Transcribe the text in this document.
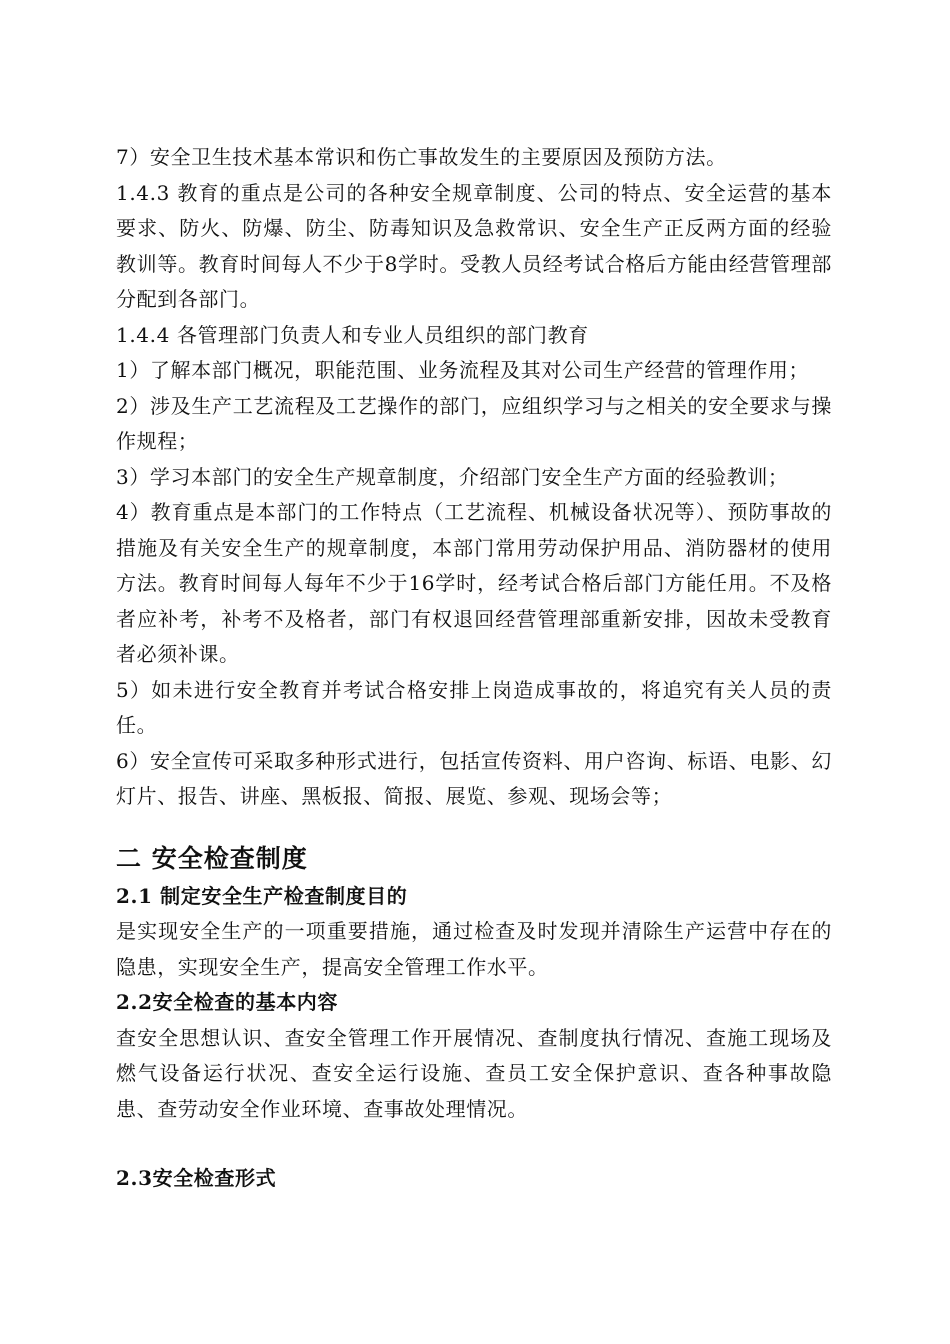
7）安全卫生技术基本常识和伤亡事故发生的主要原因及预防方法。

1.4.3 教育的重点是公司的各种安全规章制度、公司的特点、安全运营的基本要求、防火、防爆、防尘、防毒知识及急救常识、安全生产正反两方面的经验教训等。教育时间每人不少于8学时。受教人员经考试合格后方能由经营管理部分配到各部门。

1.4.4 各管理部门负责人和专业人员组织的部门教育

1）了解本部门概况，职能范围、业务流程及其对公司生产经营的管理作用；

2）涉及生产工艺流程及工艺操作的部门，应组织学习与之相关的安全要求与操作规程；

3）学习本部门的安全生产规章制度，介绍部门安全生产方面的经验教训；

4）教育重点是本部门的工作特点（工艺流程、机械设备状况等）、预防事故的措施及有关安全生产的规章制度，本部门常用劳动保护用品、消防器材的使用方法。教育时间每人每年不少于16学时，经考试合格后部门方能任用。不及格者应补考，补考不及格者，部门有权退回经营管理部重新安排，因故未受教育者必须补课。

5）如未进行安全教育并考试合格安排上岗造成事故的，将追究有关人员的责任。

6）安全宣传可采取多种形式进行，包括宣传资料、用户咨询、标语、电影、幻灯片、报告、讲座、黑板报、简报、展览、参观、现场会等；

二 安全检查制度
2.1 制定安全生产检查制度目的

是实现安全生产的一项重要措施，通过检查及时发现并清除生产运营中存在的隐患，实现安全生产，提高安全管理工作水平。

2.2安全检查的基本内容

查安全思想认识、查安全管理工作开展情况、查制度执行情况、查施工现场及燃气设备运行状况、查安全运行设施、查员工安全保护意识、查各种事故隐患、查劳动安全作业环境、查事故处理情况。

2.3安全检查形式
